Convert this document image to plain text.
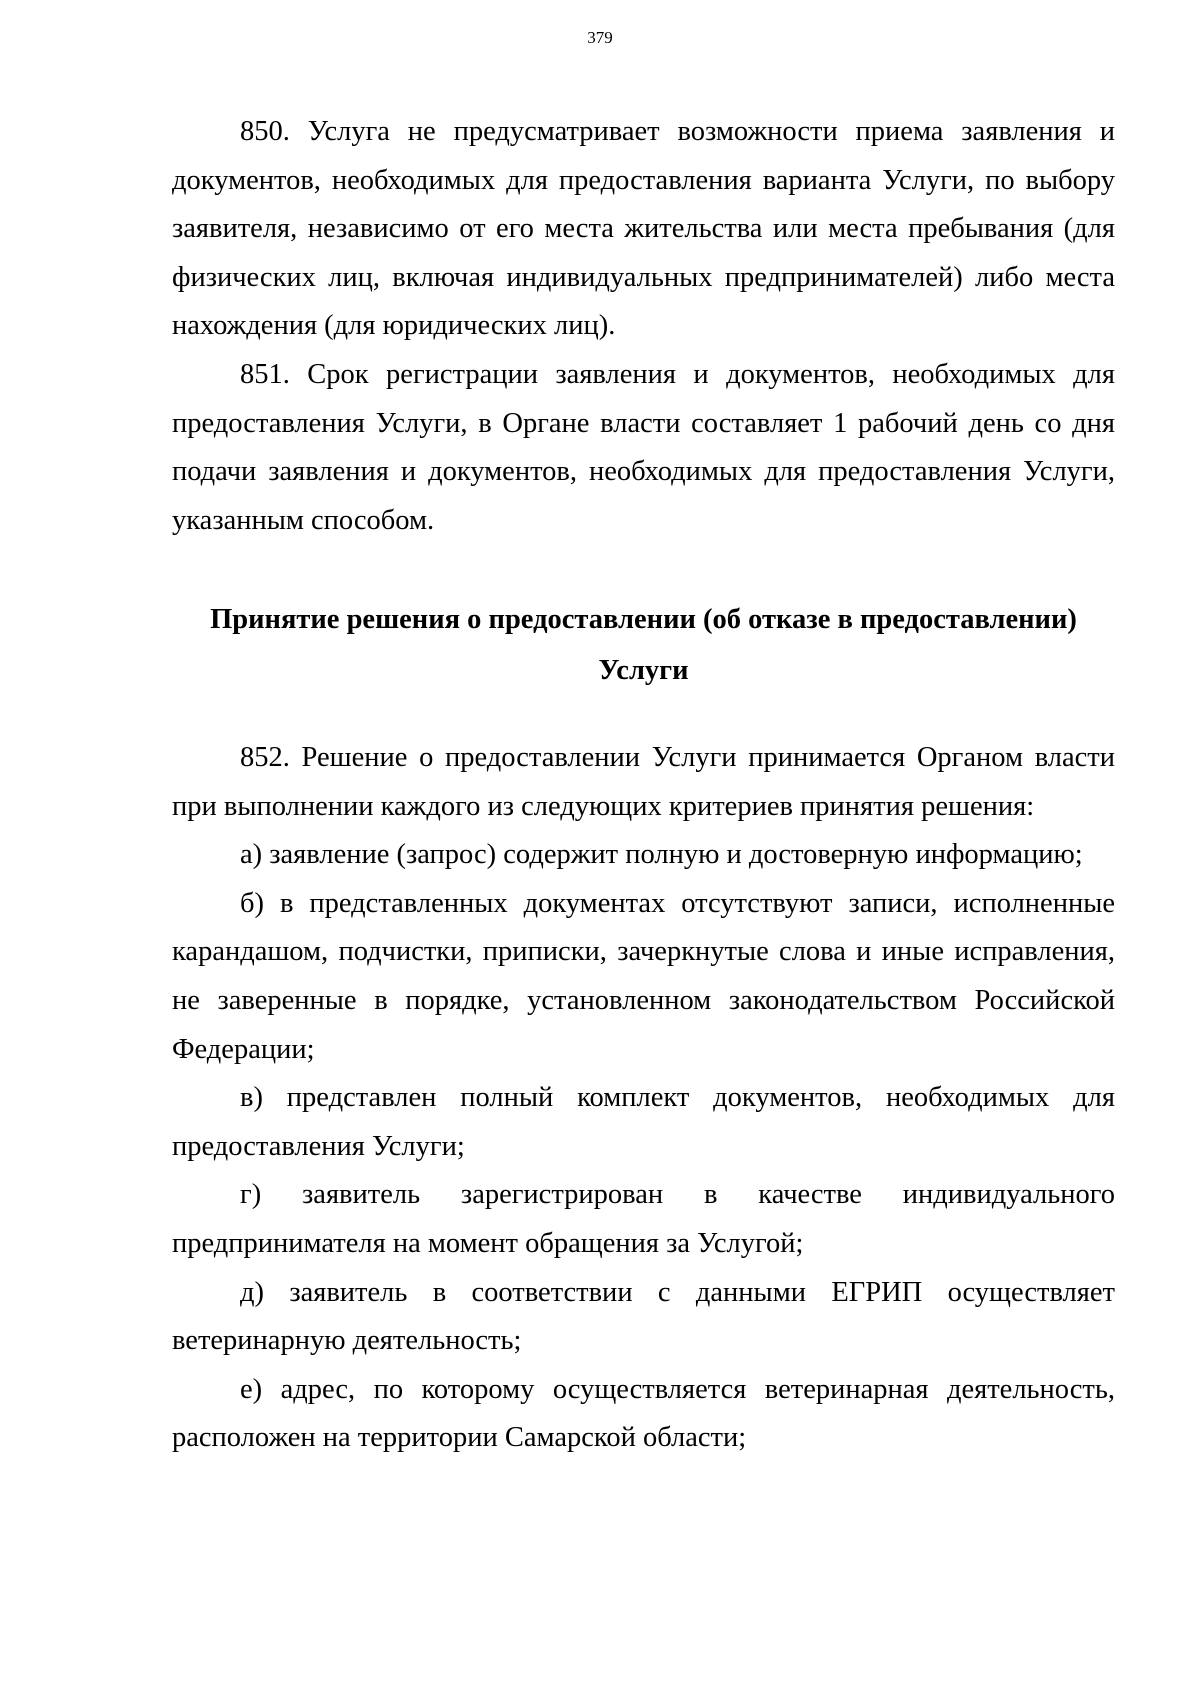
379

850. Услуга не предусматривает возможности приема заявления и документов, необходимых для предоставления варианта Услуги, по выбору заявителя, независимо от его места жительства или места пребывания (для физических лиц, включая индивидуальных предпринимателей) либо места нахождения (для юридических лиц).

851. Срок регистрации заявления и документов, необходимых для предоставления Услуги, в Органе власти составляет 1 рабочий день со дня подачи заявления и документов, необходимых для предоставления Услуги, указанным способом.

Принятие решения о предоставлении (об отказе в предоставлении)
Услуги

852. Решение о предоставлении Услуги принимается Органом власти при выполнении каждого из следующих критериев принятия решения:

а) заявление (запрос) содержит полную и достоверную информацию;

б) в представленных документах отсутствуют записи, исполненные карандашом, подчистки, приписки, зачеркнутые слова и иные исправления, не заверенные в порядке, установленном законодательством Российской Федерации;

в) представлен полный комплект документов, необходимых для предоставления Услуги;

г) заявитель зарегистрирован в качестве индивидуального предпринимателя на момент обращения за Услугой;

д) заявитель в соответствии с данными ЕГРИП осуществляет ветеринарную деятельность;

е) адрес, по которому осуществляется ветеринарная деятельность, расположен на территории Самарской области;
